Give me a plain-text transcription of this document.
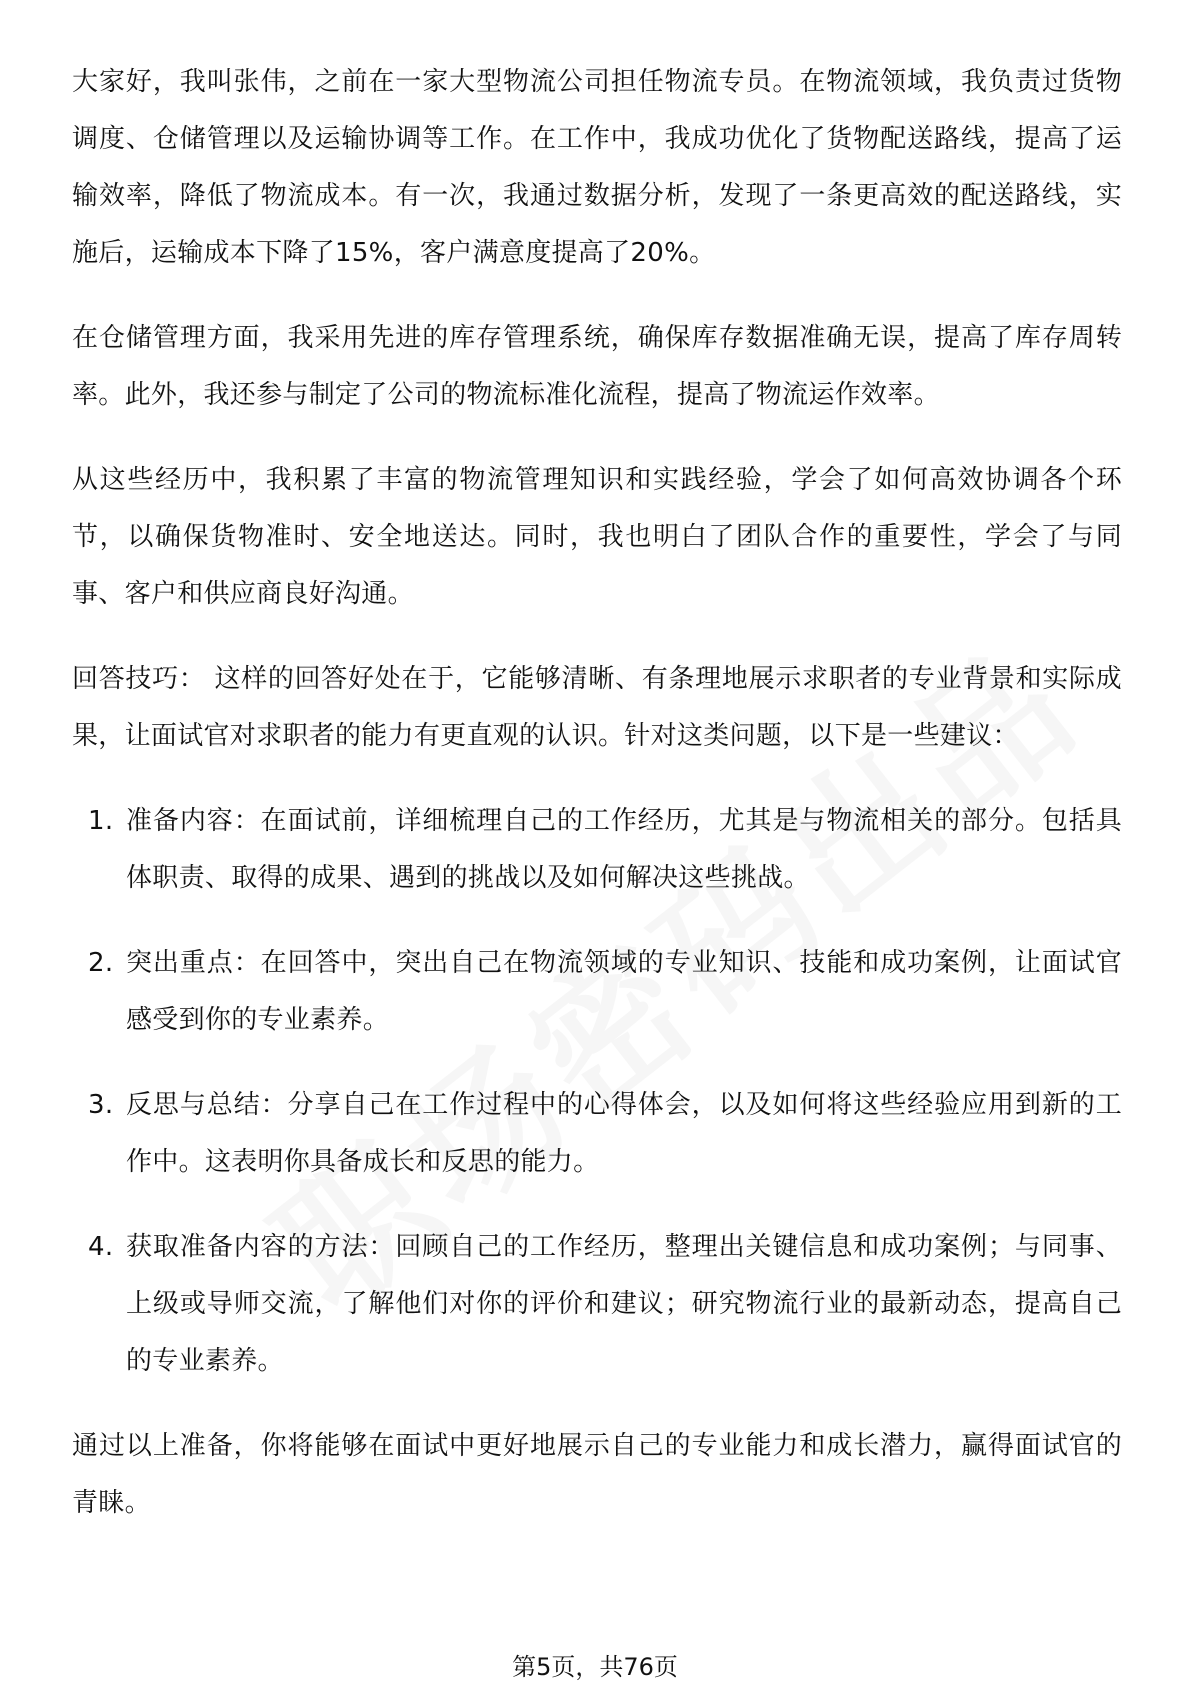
大家好，我叫张伟，之前在一家大型物流公司担任物流专员。在物流领域，我负责过货物调度、仓储管理以及运输协调等工作。在工作中，我成功优化了货物配送路线，提高了运输效率，降低了物流成本。有一次，我通过数据分析，发现了一条更高效的配送路线，实施后，运输成本下降了15%，客户满意度提高了20%。

在仓储管理方面，我采用先进的库存管理系统，确保库存数据准确无误，提高了库存周转率。此外，我还参与制定了公司的物流标准化流程，提高了物流运作效率。

从这些经历中，我积累了丰富的物流管理知识和实践经验，学会了如何高效协调各个环节，以确保货物准时、安全地送达。同时，我也明白了团队合作的重要性，学会了与同事、客户和供应商良好沟通。

回答技巧： 这样的回答好处在于，它能够清晰、有条理地展示求职者的专业背景和实际成果，让面试官对求职者的能力有更直观的认识。针对这类问题，以下是一些建议：

1. 准备内容：在面试前，详细梳理自己的工作经历，尤其是与物流相关的部分。包括具体职责、取得的成果、遇到的挑战以及如何解决这些挑战。
2. 突出重点：在回答中，突出自己在物流领域的专业知识、技能和成功案例，让面试官感受到你的专业素养。
3. 反思与总结：分享自己在工作过程中的心得体会，以及如何将这些经验应用到新的工作中。这表明你具备成长和反思的能力。
4. 获取准备内容的方法：回顾自己的工作经历，整理出关键信息和成功案例；与同事、上级或导师交流，了解他们对你的评价和建议；研究物流行业的最新动态，提高自己的专业素养。

通过以上准备，你将能够在面试中更好地展示自己的专业能力和成长潜力，赢得面试官的青睐。

第5页，共76页
